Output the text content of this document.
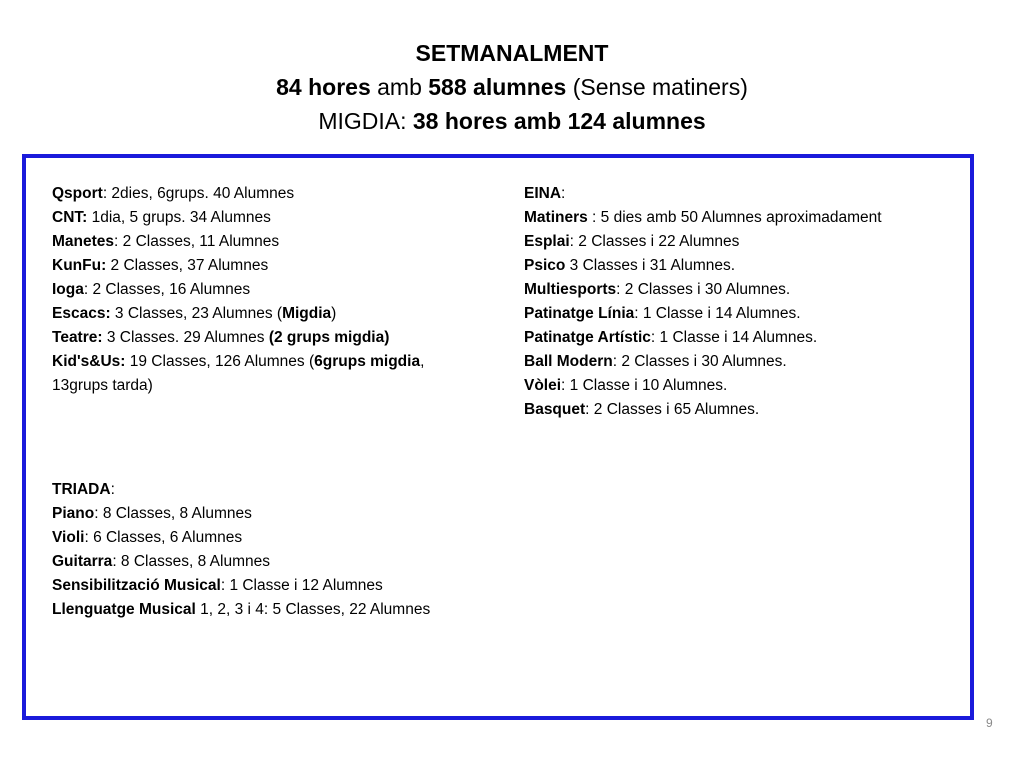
SETMANALMENT
84 hores amb 588 alumnes (Sense matiners)
MIGDIA: 38 hores amb 124 alumnes
Qsport: 2dies, 6grups. 40 Alumnes
CNT: 1dia, 5 grups. 34 Alumnes
Manetes: 2 Classes, 11 Alumnes
KunFu: 2 Classes, 37 Alumnes
Ioga: 2 Classes, 16 Alumnes
Escacs: 3 Classes, 23 Alumnes (Migdia)
Teatre: 3 Classes. 29 Alumnes (2 grups migdia)
Kid's&Us: 19 Classes, 126 Alumnes (6grups migdia,
13grups tarda)
TRIADA:
Piano: 8 Classes, 8 Alumnes
Violi: 6 Classes, 6 Alumnes
Guitarra: 8 Classes, 8 Alumnes
Sensibilització Musical: 1 Classe i 12 Alumnes
Llenguatge Musical 1, 2, 3 i 4: 5 Classes, 22 Alumnes
EINA:
Matiners : 5 dies amb 50 Alumnes aproximadament
Esplai: 2 Classes i 22 Alumnes
Psico 3 Classes i 31 Alumnes.
Multiesports: 2 Classes i 30 Alumnes.
Patinatge Línia: 1 Classe i 14 Alumnes.
Patinatge Artístic: 1 Classe i 14 Alumnes.
Ball Modern: 2 Classes i 30 Alumnes.
Vòlei: 1 Classe i 10 Alumnes.
Basquet: 2 Classes i 65 Alumnes.
9
